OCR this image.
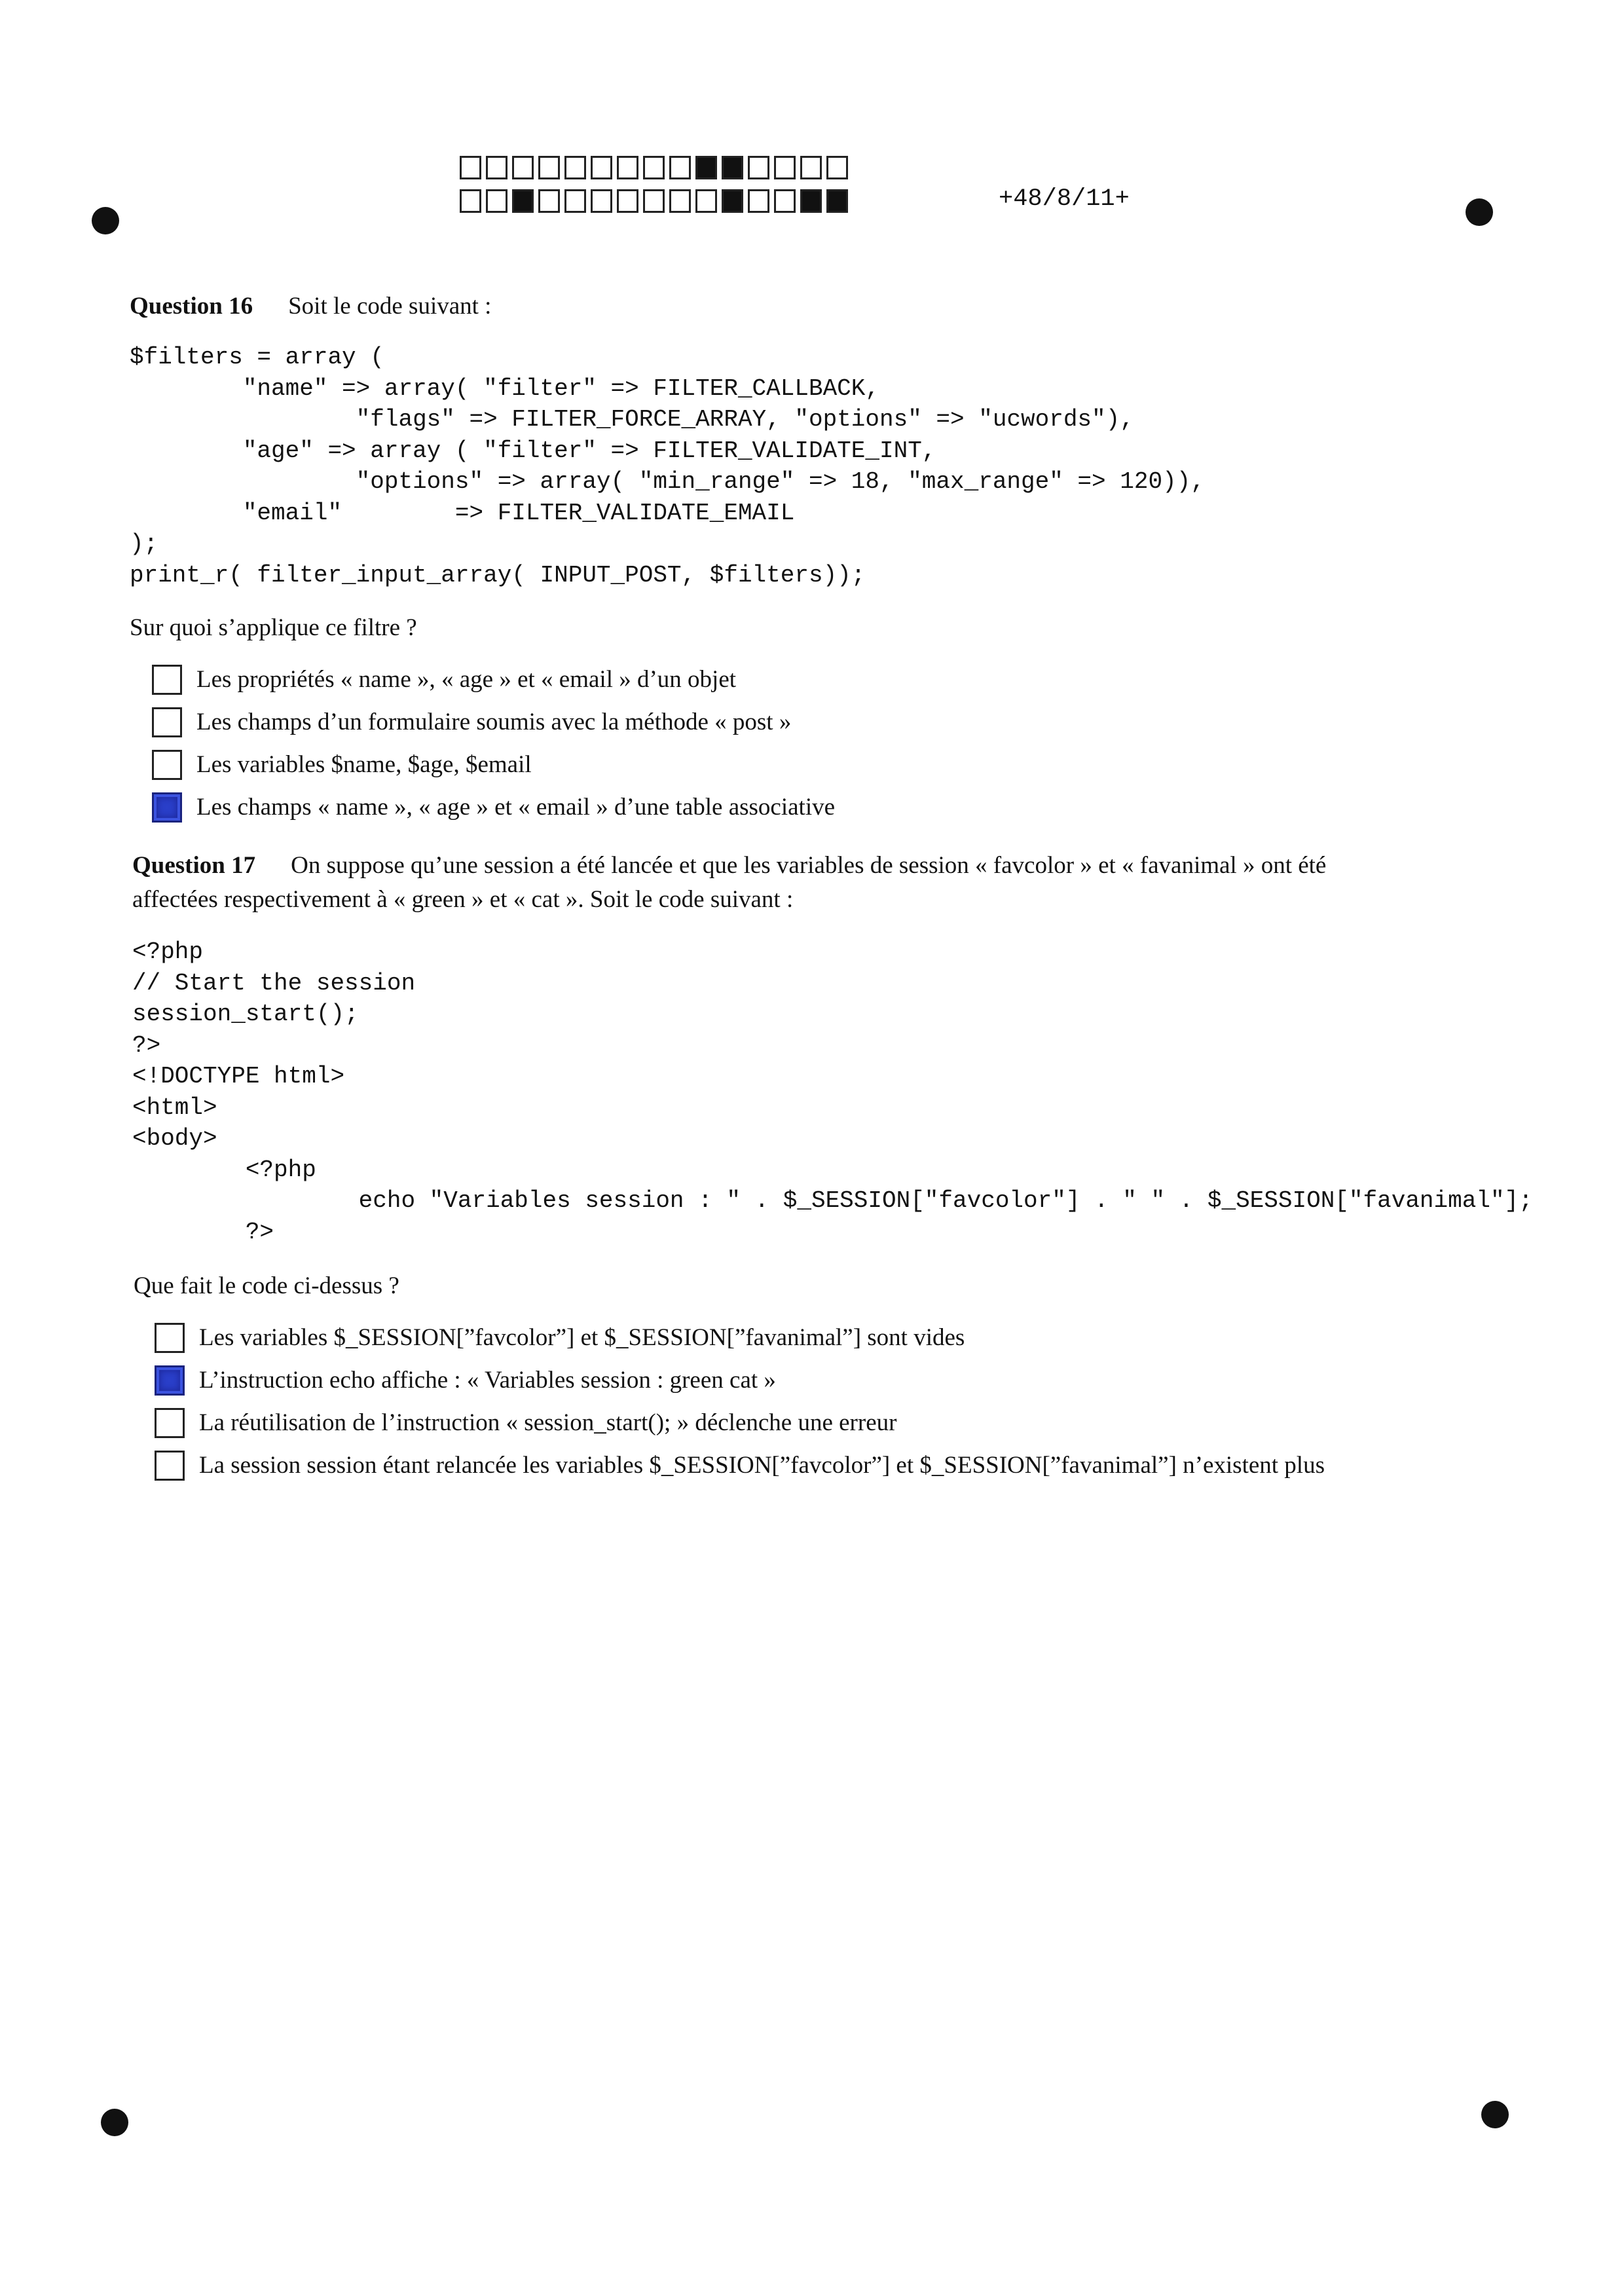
+48/8/11+
Question 16 Soit le code suivant :
$filters = array (
"name" => array( "filter" => FILTER_CALLBACK,
"flags" => FILTER_FORCE_ARRAY, "options" => "ucwords"),
"age" => array ( "filter" => FILTER_VALIDATE_INT,
"options" => array( "min_range" => 18, "max_range" => 120)),
"email"        => FILTER_VALIDATE_EMAIL
);
print_r( filter_input_array( INPUT_POST, $filters));
Sur quoi s’applique ce filtre ?
Les propriétés « name », « age » et « email » d’un objet
Les champs d’un formulaire soumis avec la méthode « post »
Les variables $name, $age, $email
Les champs « name », « age » et « email » d’une table associative
Question 17 On suppose qu’une session a été lancée et que les variables de session « favcolor » et « favanimal » ont été
affectées respectivement à « green » et « cat ». Soit le code suivant :
<?php
// Start the session
session_start();
?>
<!DOCTYPE html>
<html>
<body>
<?php
echo "Variables session : " . $_SESSION["favcolor"] . " " . $_SESSION["favanimal"];
?>
Que fait le code ci-dessus ?
Les variables $_SESSION[”favcolor”] et $_SESSION[”favanimal”] sont vides
L’instruction echo affiche : « Variables session : green cat »
La réutilisation de l’instruction « session_start(); » déclenche une erreur
La session session étant relancée les variables $_SESSION[”favcolor”] et $_SESSION[”favanimal”] n’existent plus
